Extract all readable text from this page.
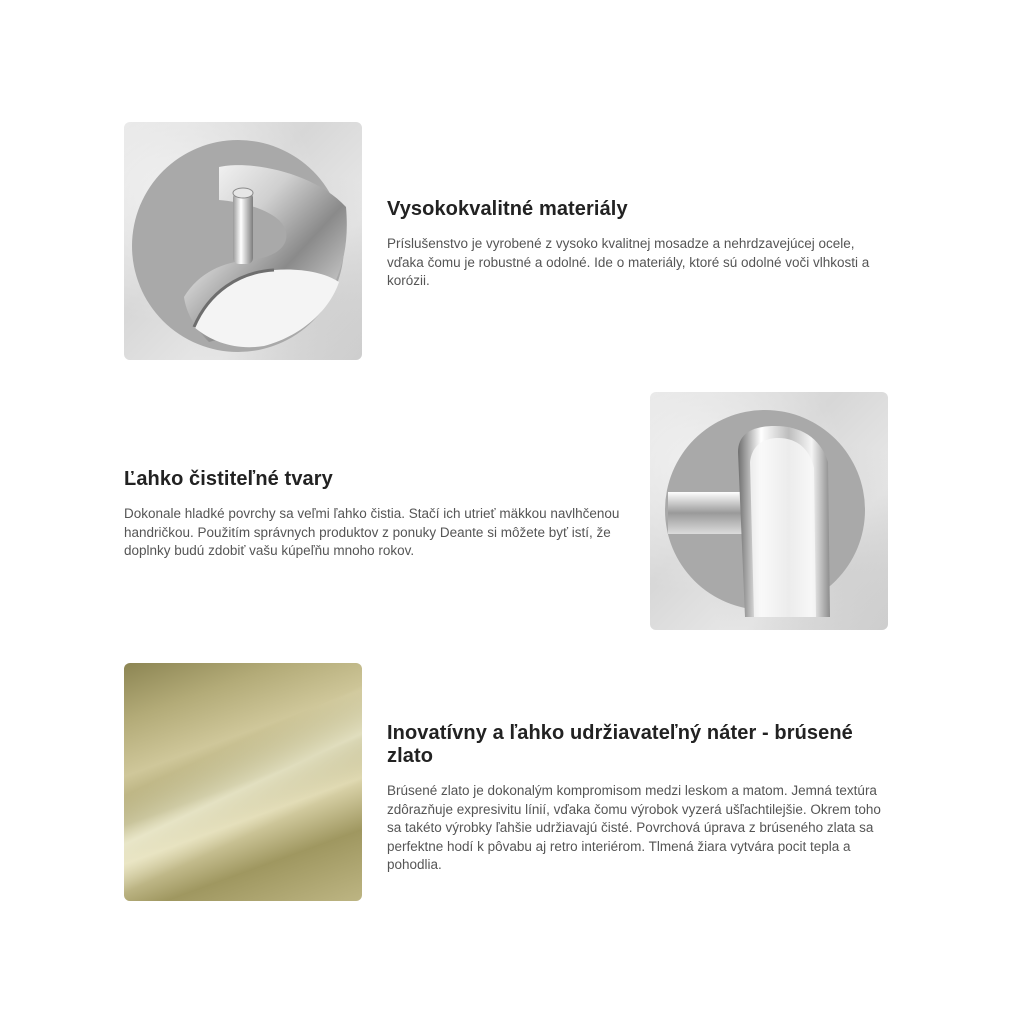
Vysokokvalitné materiály

Príslušenstvo je vyrobené z vysoko kvalitnej mosadze a nehrdzavejúcej ocele, vďaka čomu je robustné a odolné. Ide o materiály, ktoré sú odolné voči vlhkosti a korózii.

Ľahko čistiteľné tvary

Dokonale hladké povrchy sa veľmi ľahko čistia. Stačí ich utrieť mäkkou navlhčenou handričkou. Použitím správnych produktov z ponuky Deante si môžete byť istí, že doplnky budú zdobiť vašu kúpeľňu mnoho rokov.

Inovatívny a ľahko udržiavateľný náter - brúsené zlato

Brúsené zlato je dokonalým kompromisom medzi leskom a matom. Jemná textúra zdôrazňuje expresivitu línií, vďaka čomu výrobok vyzerá ušľachtilejšie. Okrem toho sa takéto výrobky ľahšie udržiavajú čisté. Povrchová úprava z brúseného zlata sa perfektne hodí k pôvabu aj retro interiérom. Tlmená žiara vytvára pocit tepla a pohodlia.
